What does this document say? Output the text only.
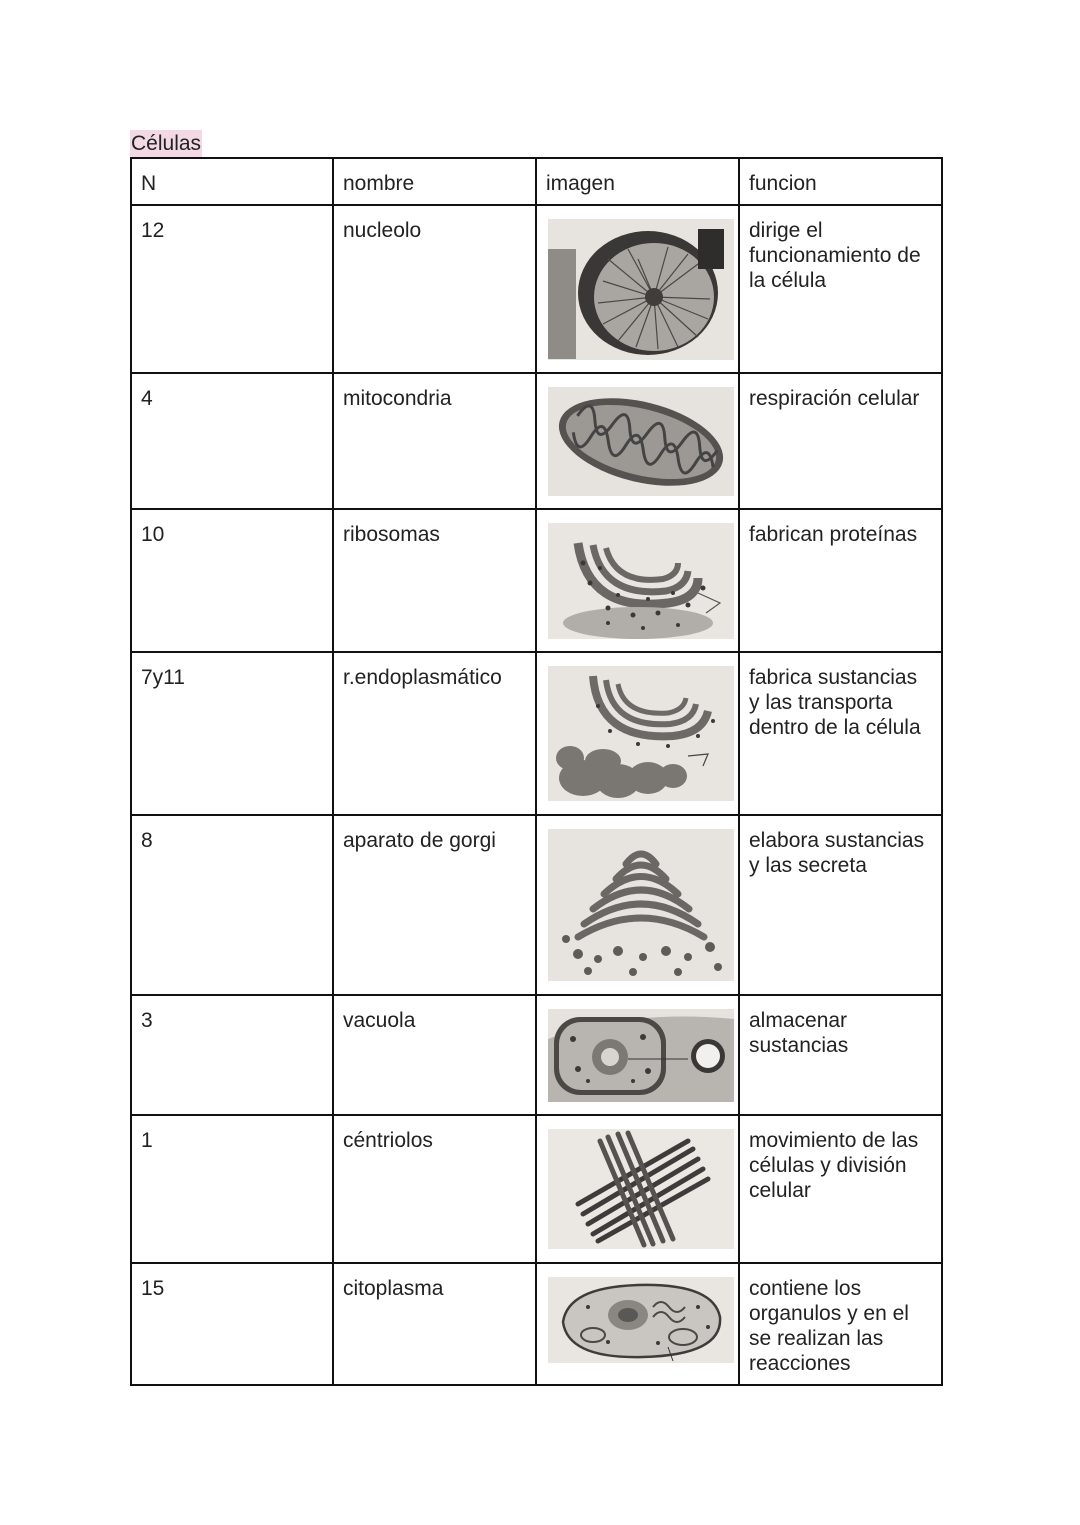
Células
N	nombre	imagen	funcion
12	nucleolo		dirige el funcionamiento de la célula
4	mitocondria		respiración celular
10	ribosomas		fabrican proteínas
7y11	r.endoplasmático		fabrica sustancias y las transporta dentro de la célula
8	aparato de gorgi		elabora sustancias y las secreta
3	vacuola		almacenar sustancias
1	céntriolos		movimiento de las células y división celular
15	citoplasma		contiene los organulos y en el se realizan las reacciones
